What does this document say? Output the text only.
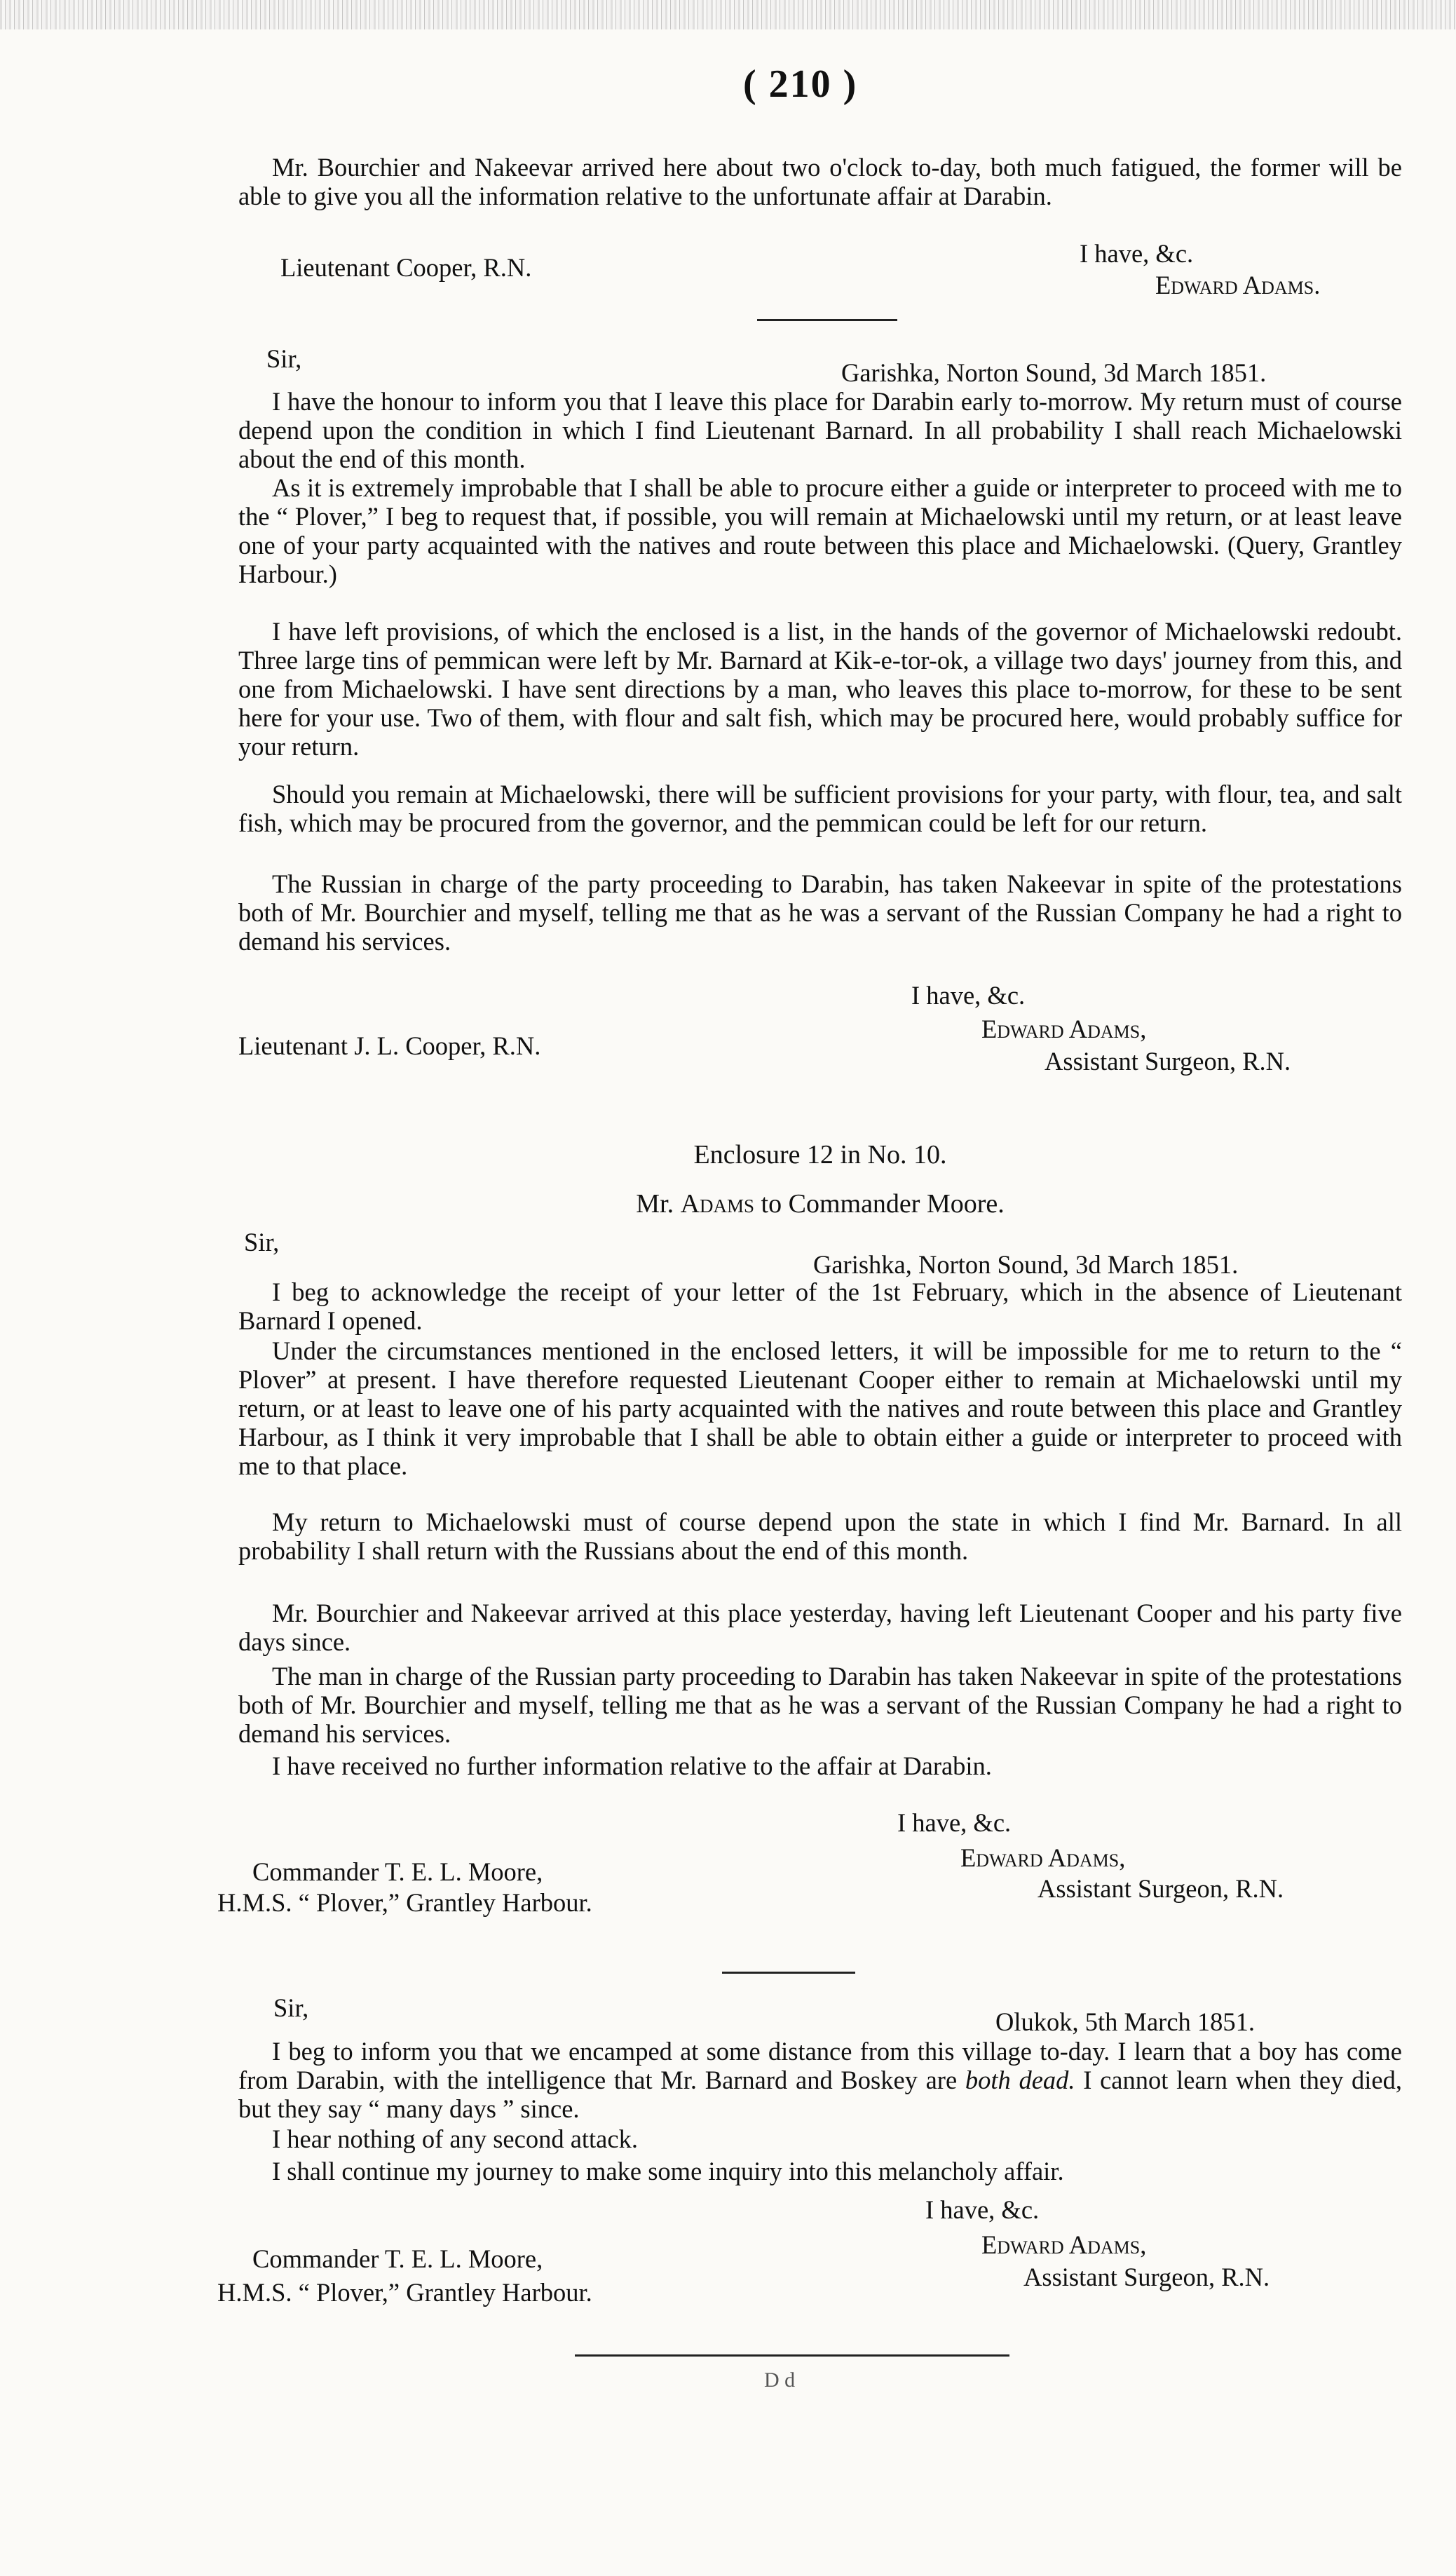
( 210 )

Mr. Bourchier and Nakeevar arrived here about two o'clock to-day, both much fatigued, the former will be able to give you all the information relative to the unfortunate affair at Darabin.

I have, &c.
Lieutenant Cooper, R.N.
Edward Adams.
Sir,	Garishka, Norton Sound, 3d March 1851.

I have the honour to inform you that I leave this place for Darabin early to-morrow. My return must of course depend upon the condition in which I find Lieutenant Barnard. In all probability I shall reach Michaelowski about the end of this month.

As it is extremely improbable that I shall be able to procure either a guide or interpreter to proceed with me to the “ Plover,” I beg to request that, if possible, you will remain at Michaelowski until my return, or at least leave one of your party acquainted with the natives and route between this place and Michaelowski. (Query, Grantley Harbour.)

I have left provisions, of which the enclosed is a list, in the hands of the governor of Michaelowski redoubt. Three large tins of pemmican were left by Mr. Barnard at Kik-e-tor-ok, a village two days' journey from this, and one from Michaelowski. I have sent directions by a man, who leaves this place to-morrow, for these to be sent here for your use. Two of them, with flour and salt fish, which may be procured here, would probably suffice for your return.

Should you remain at Michaelowski, there will be sufficient provisions for your party, with flour, tea, and salt fish, which may be procured from the governor, and the pemmican could be left for our return.

The Russian in charge of the party proceeding to Darabin, has taken Nakeevar in spite of the protestations both of Mr. Bourchier and myself, telling me that as he was a servant of the Russian Company he had a right to demand his services.

I have, &c.
Edward Adams,
Lieutenant J. L. Cooper, R.N.
Assistant Surgeon, R.N.
Enclosure 12 in No. 10.
Mr. Adams to Commander Moore.
Sir,
Garishka, Norton Sound, 3d March 1851.

I beg to acknowledge the receipt of your letter of the 1st February, which in the absence of Lieutenant Barnard I opened.

Under the circumstances mentioned in the enclosed letters, it will be impossible for me to return to the “ Plover” at present. I have therefore requested Lieutenant Cooper either to remain at Michaelowski until my return, or at least to leave one of his party acquainted with the natives and route between this place and Grantley Harbour, as I think it very improbable that I shall be able to obtain either a guide or interpreter to proceed with me to that place.

My return to Michaelowski must of course depend upon the state in which I find Mr. Barnard. In all probability I shall return with the Russians about the end of this month.

Mr. Bourchier and Nakeevar arrived at this place yesterday, having left Lieutenant Cooper and his party five days since.

The man in charge of the Russian party proceeding to Darabin has taken Nakeevar in spite of the protestations both of Mr. Bourchier and myself, telling me that as he was a servant of the Russian Company he had a right to demand his services.

I have received no further information relative to the affair at Darabin.

I have, &c.
Edward Adams,
Commander T. E. L. Moore,
Assistant Surgeon, R.N.
H.M.S. “ Plover,” Grantley Harbour.
Sir,	Olukok, 5th March 1851.

I beg to inform you that we encamped at some distance from this village to-day. I learn that a boy has come from Darabin, with the intelligence that Mr. Barnard and Boskey are both dead. I cannot learn when they died, but they say “ many days ” since.

I hear nothing of any second attack.

I shall continue my journey to make some inquiry into this melancholy affair.

I have, &c.
Edward Adams,
Commander T. E. L. Moore,
Assistant Surgeon, R.N.
H.M.S. “ Plover,” Grantley Harbour.
D d
